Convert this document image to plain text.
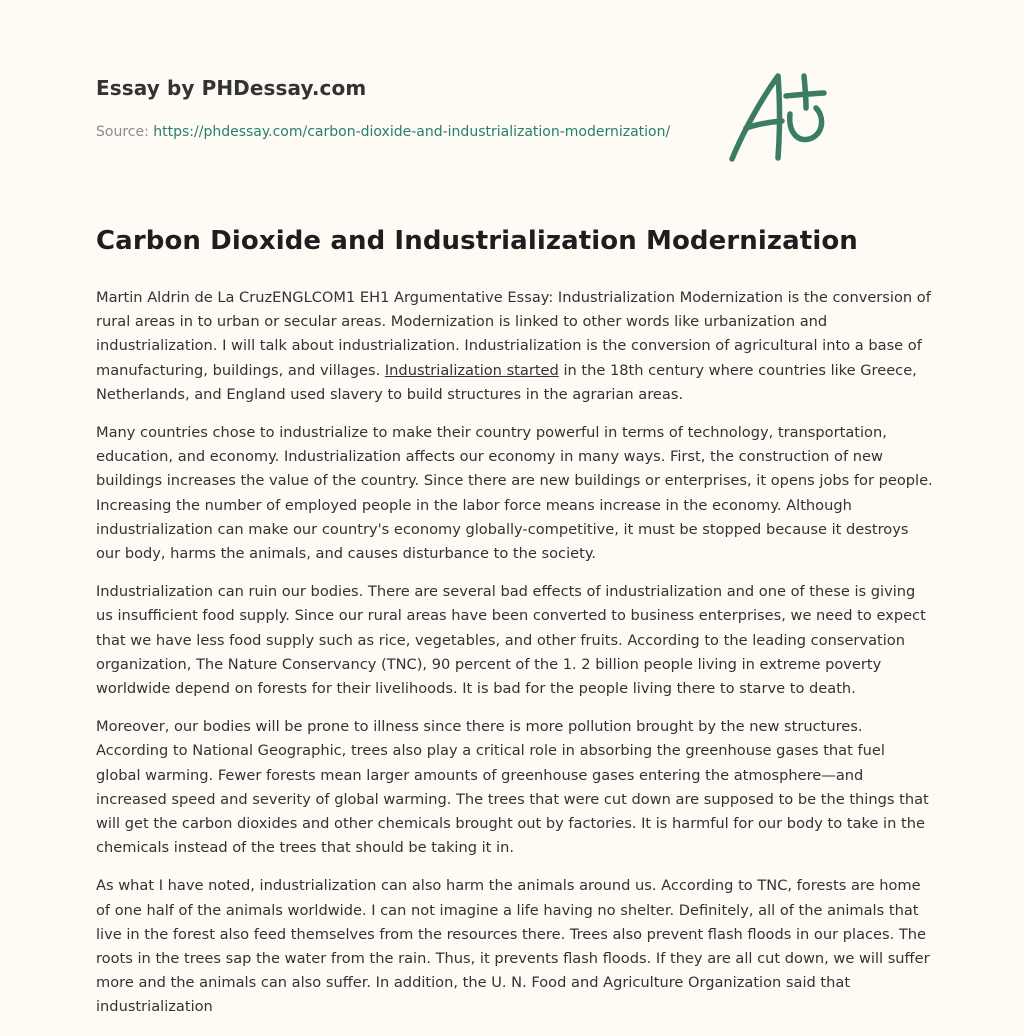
Essay by PHDessay.com
Source: https://phdessay.com/carbon-dioxide-and-industrialization-modernization/
Carbon Dioxide and Industrialization Modernization

Martin Aldrin de La CruzENGLCOM1 EH1 Argumentative Essay: Industrialization Modernization is the conversion of rural areas in to urban or secular areas. Modernization is linked to other words like urbanization and industrialization. I will talk about industrialization. Industrialization is the conversion of agricultural into a base of manufacturing, buildings, and villages. Industrialization started in the 18th century where countries like Greece, Netherlands, and England used slavery to build structures in the agrarian areas.

Many countries chose to industrialize to make their country powerful in terms of technology, transportation, education, and economy. Industrialization affects our economy in many ways. First, the construction of new buildings increases the value of the country. Since there are new buildings or enterprises, it opens jobs for people. Increasing the number of employed people in the labor force means increase in the economy. Although industrialization can make our country's economy globally-competitive, it must be stopped because it destroys our body, harms the animals, and causes disturbance to the society.

Industrialization can ruin our bodies. There are several bad effects of industrialization and one of these is giving us insufficient food supply. Since our rural areas have been converted to business enterprises, we need to expect that we have less food supply such as rice, vegetables, and other fruits. According to the leading conservation organization, The Nature Conservancy (TNC), 90 percent of the 1. 2 billion people living in extreme poverty worldwide depend on forests for their livelihoods. It is bad for the people living there to starve to death.

Moreover, our bodies will be prone to illness since there is more pollution brought by the new structures. According to National Geographic, trees also play a critical role in absorbing the greenhouse gases that fuel global warming. Fewer forests mean larger amounts of greenhouse gases entering the atmosphere—and increased speed and severity of global warming. The trees that were cut down are supposed to be the things that will get the carbon dioxides and other chemicals brought out by factories. It is harmful for our body to take in the chemicals instead of the trees that should be taking it in.

As what I have noted, industrialization can also harm the animals around us. According to TNC, forests are home of one half of the animals worldwide. I can not imagine a life having no shelter. Definitely, all of the animals that live in the forest also feed themselves from the resources there. Trees also prevent flash floods in our places. The roots in the trees sap the water from the rain. Thus, it prevents flash floods. If they are all cut down, we will suffer more and the animals can also suffer. In addition, the U. N. Food and Agriculture Organization said that industrialization
